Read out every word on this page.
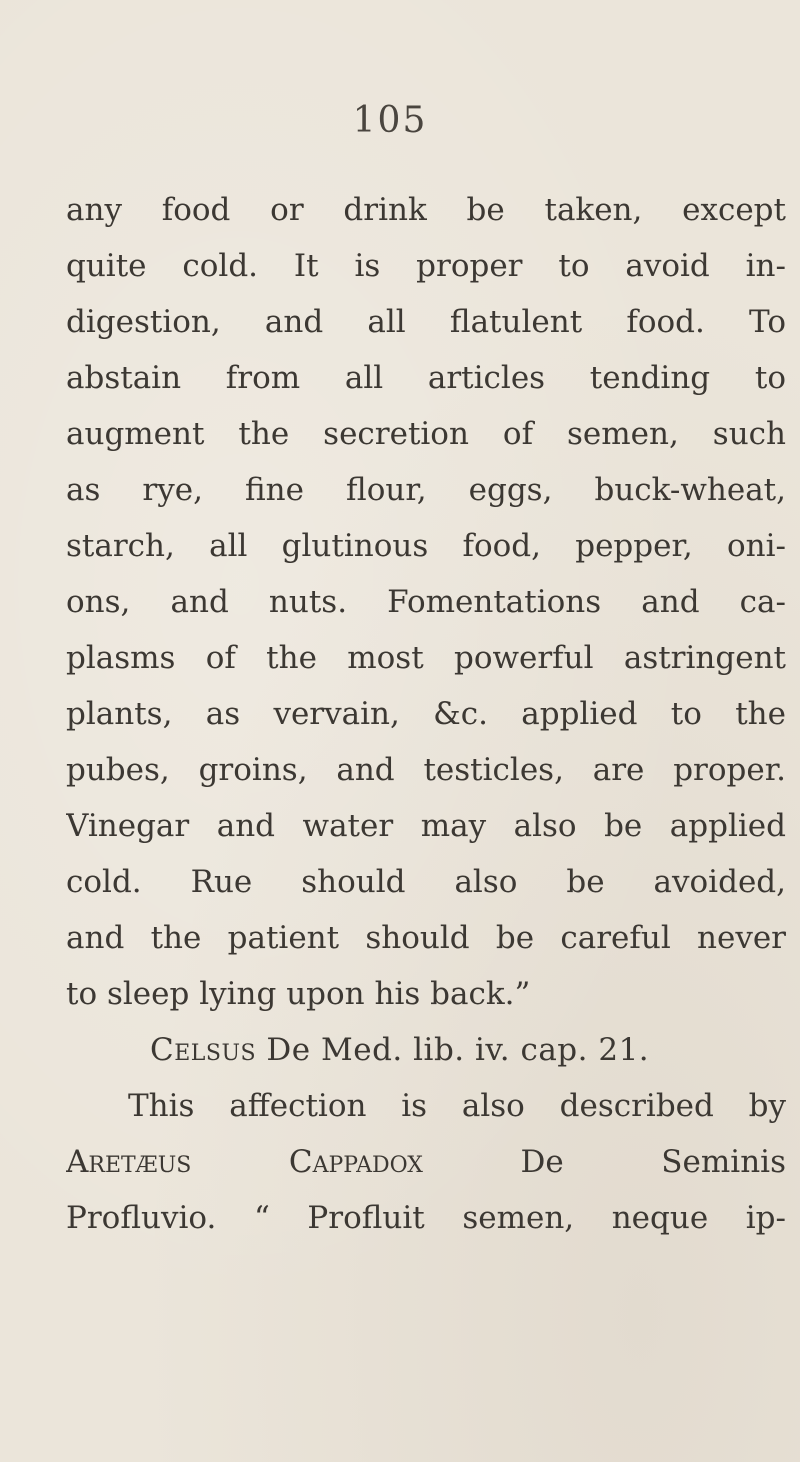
105
any food or drink be taken, except
quite cold. It is proper to avoid in-
digestion, and all flatulent food. To
abstain from all articles tending to
augment the secretion of semen, such
as rye, fine flour, eggs, buck-wheat,
starch, all glutinous food, pepper, oni-
ons, and nuts. Fomentations and ca-
plasms of the most powerful astringent
plants, as vervain, &c. applied to the
pubes, groins, and testicles, are proper.
Vinegar and water may also be applied
cold. Rue should also be avoided,
and the patient should be careful never
to sleep lying upon his back.”
Celsus De Med. lib. iv. cap. 21.
This affection is also described by
Aretæus Cappadox De Seminis
Profluvio. “ Profluit semen, neque ip-
